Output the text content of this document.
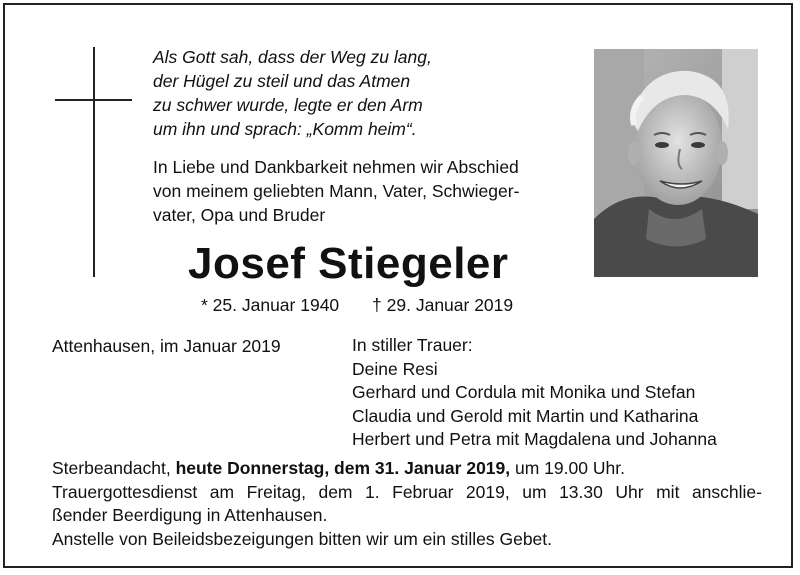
Als Gott sah, dass der Weg zu lang,
der Hügel zu steil und das Atmen
zu schwer wurde, legte er den Arm
um ihn und sprach: „Komm heim“.
In Liebe und Dankbarkeit nehmen wir Abschied
von meinem geliebten Mann, Vater, Schwieger-
vater, Opa und Bruder
Josef Stiegeler
* 25. Januar 1940 † 29. Januar 2019
Attenhausen, im Januar 2019	In stiller Trauer:
Deine Resi
Gerhard und Cordula mit Monika und Stefan
Claudia und Gerold mit Martin und Katharina
Herbert und Petra mit Magdalena und Johanna
Sterbeandacht, heute Donnerstag, dem 31. Januar 2019, um 19.00 Uhr.
Trauergottesdienst am Freitag, dem 1. Februar 2019, um 13.30 Uhr mit anschlie-
ßender Beerdigung in Attenhausen.
Anstelle von Beileidsbezeigungen bitten wir um ein stilles Gebet.
